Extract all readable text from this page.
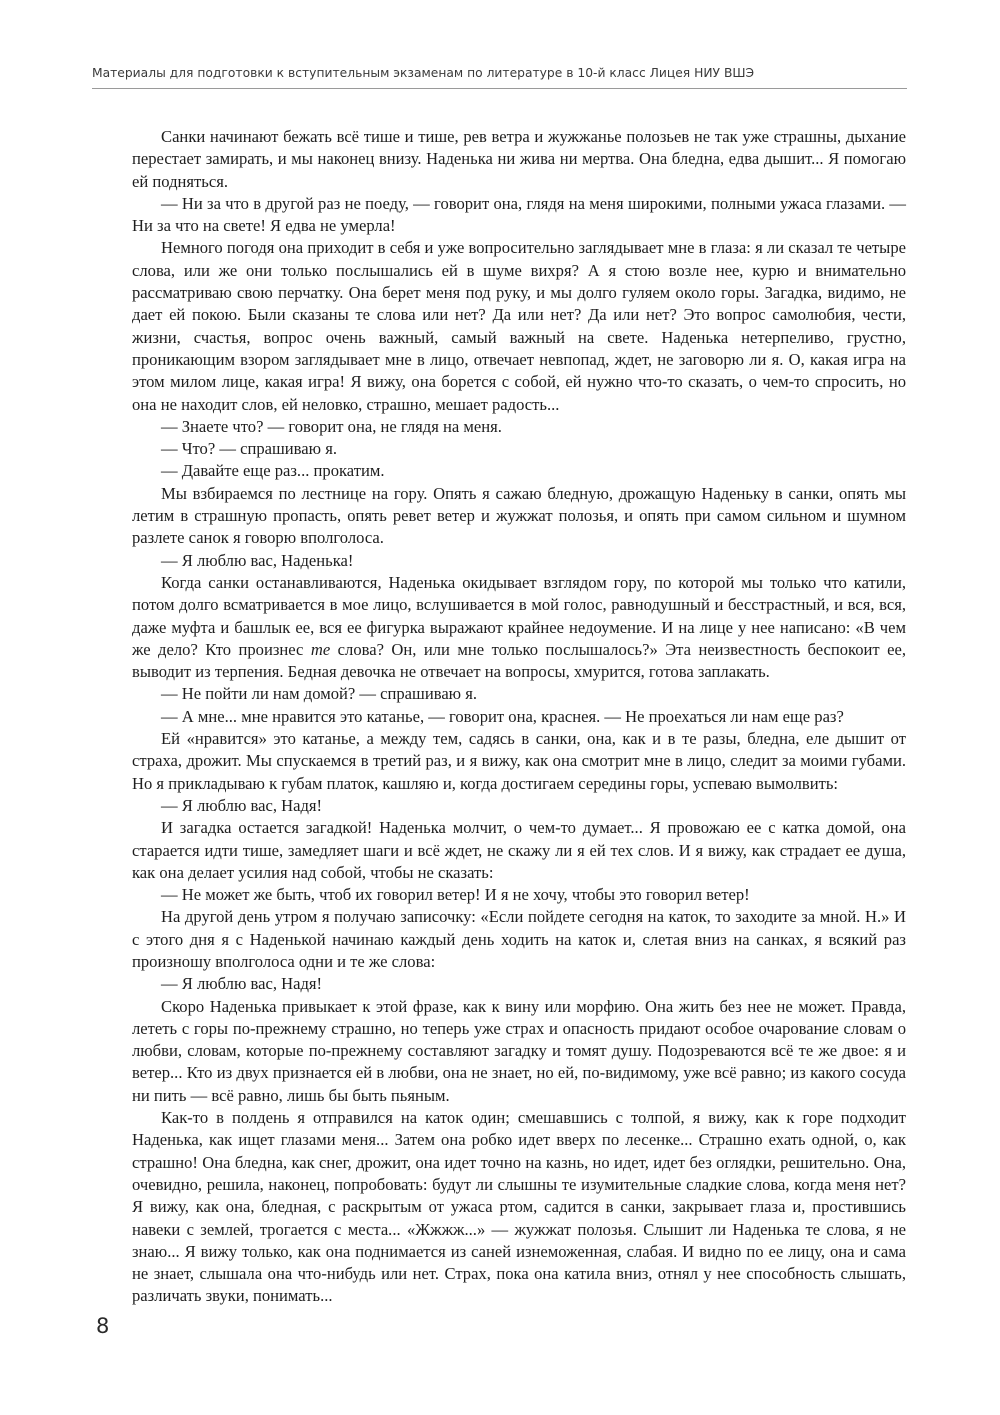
Материалы для подготовки к вступительным экзаменам по литературе в 10-й класс Лицея НИУ ВШЭ

Санки начинают бежать всё тише и тише, рев ветра и жужжанье полозьев не так уже страшны, дыхание перестает замирать, и мы наконец внизу. Наденька ни жива ни мертва. Она бледна, едва дышит... Я помогаю ей подняться.

— Ни за что в другой раз не поеду, — говорит она, глядя на меня широкими, полными ужаса глазами. — Ни за что на свете! Я едва не умерла!

Немного погодя она приходит в себя и уже вопросительно заглядывает мне в глаза: я ли сказал те четыре слова, или же они только послышались ей в шуме вихря? А я стою возле нее, курю и внимательно рассматриваю свою перчатку. Она берет меня под руку, и мы долго гуляем около горы. Загадка, видимо, не дает ей покою. Были сказаны те слова или нет? Да или нет? Да или нет? Это вопрос самолюбия, чести, жизни, счастья, вопрос очень важный, самый важный на свете. Наденька нетерпеливо, грустно, проникающим взором заглядывает мне в лицо, отвечает невпопад, ждет, не заговорю ли я. О, какая игра на этом милом лице, какая игра! Я вижу, она борется с собой, ей нужно что-то сказать, о чем-то спросить, но она не находит слов, ей неловко, страшно, мешает радость...

— Знаете что? — говорит она, не глядя на меня.

— Что? — спрашиваю я.

— Давайте еще раз... прокатим.

Мы взбираемся по лестнице на гору. Опять я сажаю бледную, дрожащую Наденьку в санки, опять мы летим в страшную пропасть, опять ревет ветер и жужжат полозья, и опять при самом сильном и шумном разлете санок я говорю вполголоса.

— Я люблю вас, Наденька!

Когда санки останавливаются, Наденька окидывает взглядом гору, по которой мы только что катили, потом долго всматривается в мое лицо, вслушивается в мой голос, равнодушный и бесстрастный, и вся, вся, даже муфта и башлык ее, вся ее фигурка выражают крайнее недоумение. И на лице у нее написано: «В чем же дело? Кто произнес те слова? Он, или мне только послышалось?» Эта неизвестность беспокоит ее, выводит из терпения. Бедная девочка не отвечает на вопросы, хмурится, готова заплакать.

— Не пойти ли нам домой? — спрашиваю я.

— А мне... мне нравится это катанье, — говорит она, краснея. — Не проехаться ли нам еще раз?

Ей «нравится» это катанье, а между тем, садясь в санки, она, как и в те разы, бледна, еле дышит от страха, дрожит. Мы спускаемся в третий раз, и я вижу, как она смотрит мне в лицо, следит за моими губами. Но я прикладываю к губам платок, кашляю и, когда достигаем середины горы, успеваю вымолвить:

— Я люблю вас, Надя!

И загадка остается загадкой! Наденька молчит, о чем-то думает... Я провожаю ее с катка домой, она старается идти тише, замедляет шаги и всё ждет, не скажу ли я ей тех слов. И я вижу, как страдает ее душа, как она делает усилия над собой, чтобы не сказать:

— Не может же быть, чтоб их говорил ветер! И я не хочу, чтобы это говорил ветер!

На другой день утром я получаю записочку: «Если пойдете сегодня на каток, то заходите за мной. Н.» И с этого дня я с Наденькой начинаю каждый день ходить на каток и, слетая вниз на санках, я всякий раз произношу вполголоса одни и те же слова:

— Я люблю вас, Надя!

Скоро Наденька привыкает к этой фразе, как к вину или морфию. Она жить без нее не может. Правда, лететь с горы по-прежнему страшно, но теперь уже страх и опасность придают особое очарование словам о любви, словам, которые по-прежнему составляют загадку и томят душу. Подозреваются всё те же двое: я и ветер... Кто из двух признается ей в любви, она не знает, но ей, по-видимому, уже всё равно; из какого сосуда ни пить — всё равно, лишь бы быть пьяным.

Как-то в полдень я отправился на каток один; смешавшись с толпой, я вижу, как к горе подходит Наденька, как ищет глазами меня... Затем она робко идет вверх по лесенке... Страшно ехать одной, о, как страшно! Она бледна, как снег, дрожит, она идет точно на казнь, но идет, идет без оглядки, решительно. Она, очевидно, решила, наконец, попробовать: будут ли слышны те изумительные сладкие слова, когда меня нет? Я вижу, как она, бледная, с раскрытым от ужаса ртом, садится в санки, закрывает глаза и, простившись навеки с землей, трогается с места... «Жжжж...» — жужжат полозья. Слышит ли Наденька те слова, я не знаю... Я вижу только, как она поднимается из саней изнеможенная, слабая. И видно по ее лицу, она и сама не знает, слышала она что-нибудь или нет. Страх, пока она катила вниз, отнял у нее способность слышать, различать звуки, понимать...

8
